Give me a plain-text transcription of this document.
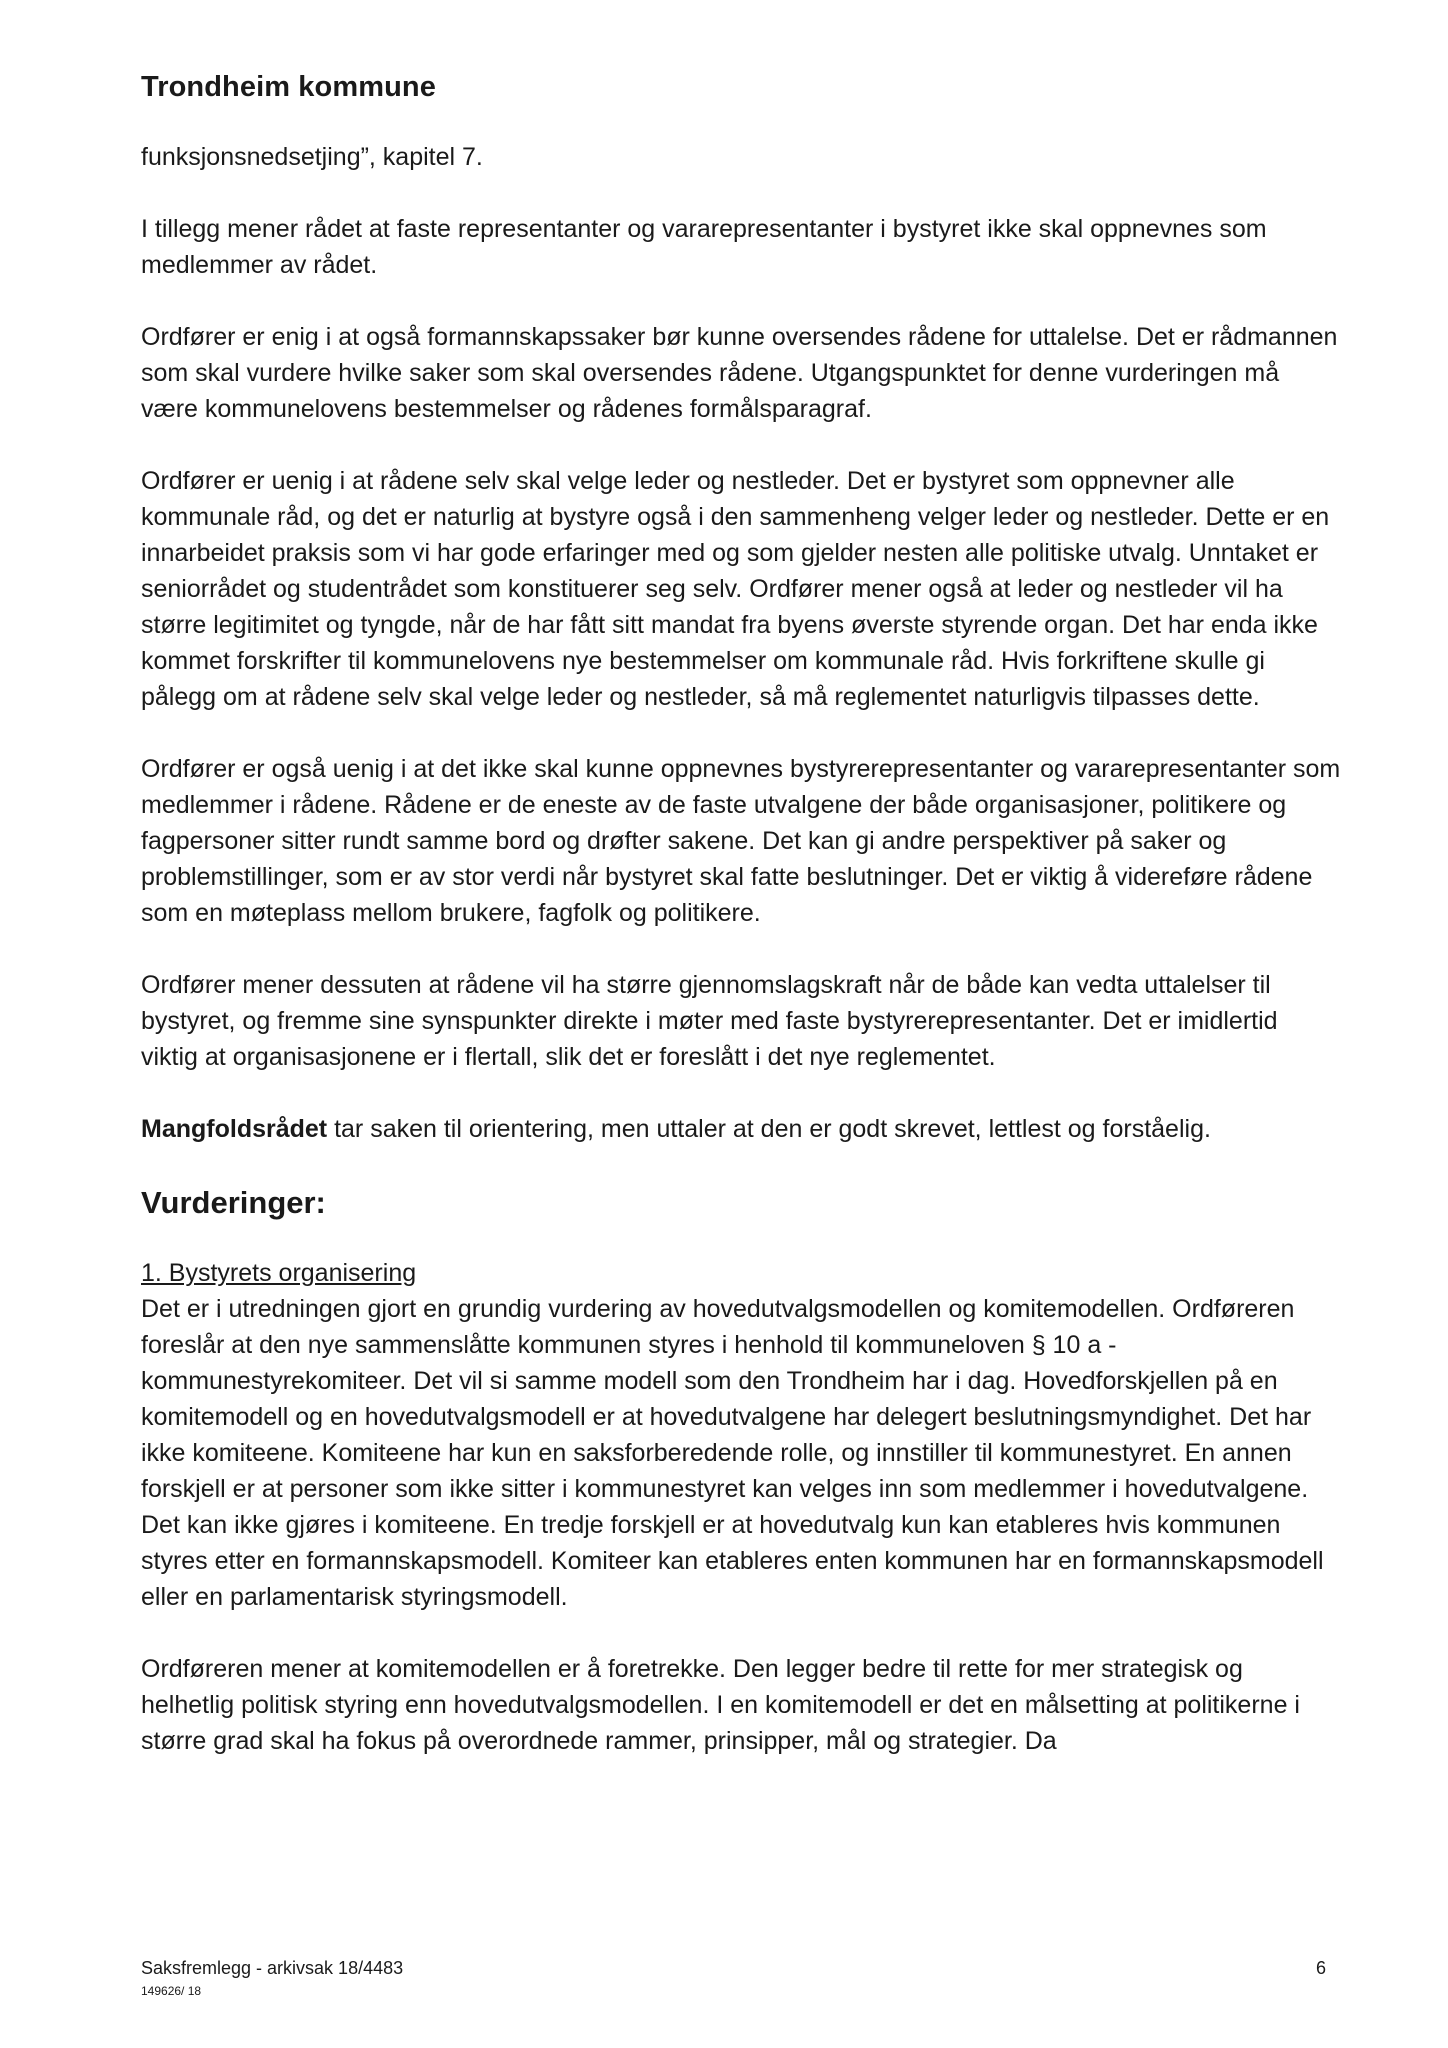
Trondheim kommune

funksjonsnedsetjing”, kapitel 7.

I tillegg mener rådet at faste representanter og vararepresentanter i bystyret ikke skal oppnevnes som medlemmer av rådet.

Ordfører er enig i at også formannskapssaker bør kunne oversendes rådene for uttalelse. Det er rådmannen som skal vurdere hvilke saker som skal oversendes rådene. Utgangspunktet for denne vurderingen må være kommunelovens bestemmelser og rådenes formålsparagraf.

Ordfører er uenig i at rådene selv skal velge leder og nestleder. Det er bystyret som oppnevner alle kommunale råd, og det er naturlig at bystyre også i den sammenheng velger leder og nestleder. Dette er en innarbeidet praksis som vi har gode erfaringer med og som gjelder nesten alle politiske utvalg. Unntaket er seniorrådet og studentrådet som konstituerer seg selv. Ordfører mener også at leder og nestleder vil ha større legitimitet og tyngde, når de har fått sitt mandat fra byens øverste styrende organ. Det har enda ikke kommet forskrifter til kommunelovens nye bestemmelser om kommunale råd. Hvis forkriftene skulle gi pålegg om at rådene selv skal velge leder og nestleder, så må reglementet naturligvis tilpasses dette.

Ordfører er også uenig i at det ikke skal kunne oppnevnes bystyrerepresentanter og vararepresentanter som medlemmer i rådene. Rådene er de eneste av de faste utvalgene der både organisasjoner, politikere og fagpersoner sitter rundt samme bord og drøfter sakene. Det kan gi andre perspektiver på saker og problemstillinger, som er av stor verdi når bystyret skal fatte beslutninger. Det er viktig å videreføre rådene som en møteplass mellom brukere, fagfolk og politikere.

Ordfører mener dessuten at rådene vil ha større gjennomslagskraft når de både kan vedta uttalelser til bystyret, og fremme sine synspunkter direkte i møter med faste bystyrerepresentanter. Det er imidlertid viktig at organisasjonene er i flertall, slik det er foreslått i det nye reglementet.

Mangfoldsrådet tar saken til orientering, men uttaler at den er godt skrevet, lettlest og forståelig.

Vurderinger:

1. Bystyrets organisering

Det er i utredningen gjort en grundig vurdering av hovedutvalgsmodellen og komitemodellen. Ordføreren foreslår at den nye sammenslåtte kommunen styres i henhold til kommuneloven § 10 a - kommunestyrekomiteer. Det vil si samme modell som den Trondheim har i dag. Hovedforskjellen på en komitemodell og en hovedutvalgsmodell er at hovedutvalgene har delegert beslutningsmyndighet. Det har ikke komiteene. Komiteene har kun en saksforberedende rolle, og innstiller til kommunestyret. En annen forskjell er at personer som ikke sitter i kommunestyret kan velges inn som medlemmer i hovedutvalgene. Det kan ikke gjøres i komiteene. En tredje forskjell er at hovedutvalg kun kan etableres hvis kommunen styres etter en formannskapsmodell. Komiteer kan etableres enten kommunen har en formannskapsmodell eller en parlamentarisk styringsmodell.

Ordføreren mener at komitemodellen er å foretrekke. Den legger bedre til rette for mer strategisk og helhetlig politisk styring enn hovedutvalgsmodellen. I en komitemodell er det en målsetting at politikerne i større grad skal ha fokus på overordnede rammer, prinsipper, mål og strategier. Da

Saksfremlegg - arkivsak 18/4483
149626/ 18
6
